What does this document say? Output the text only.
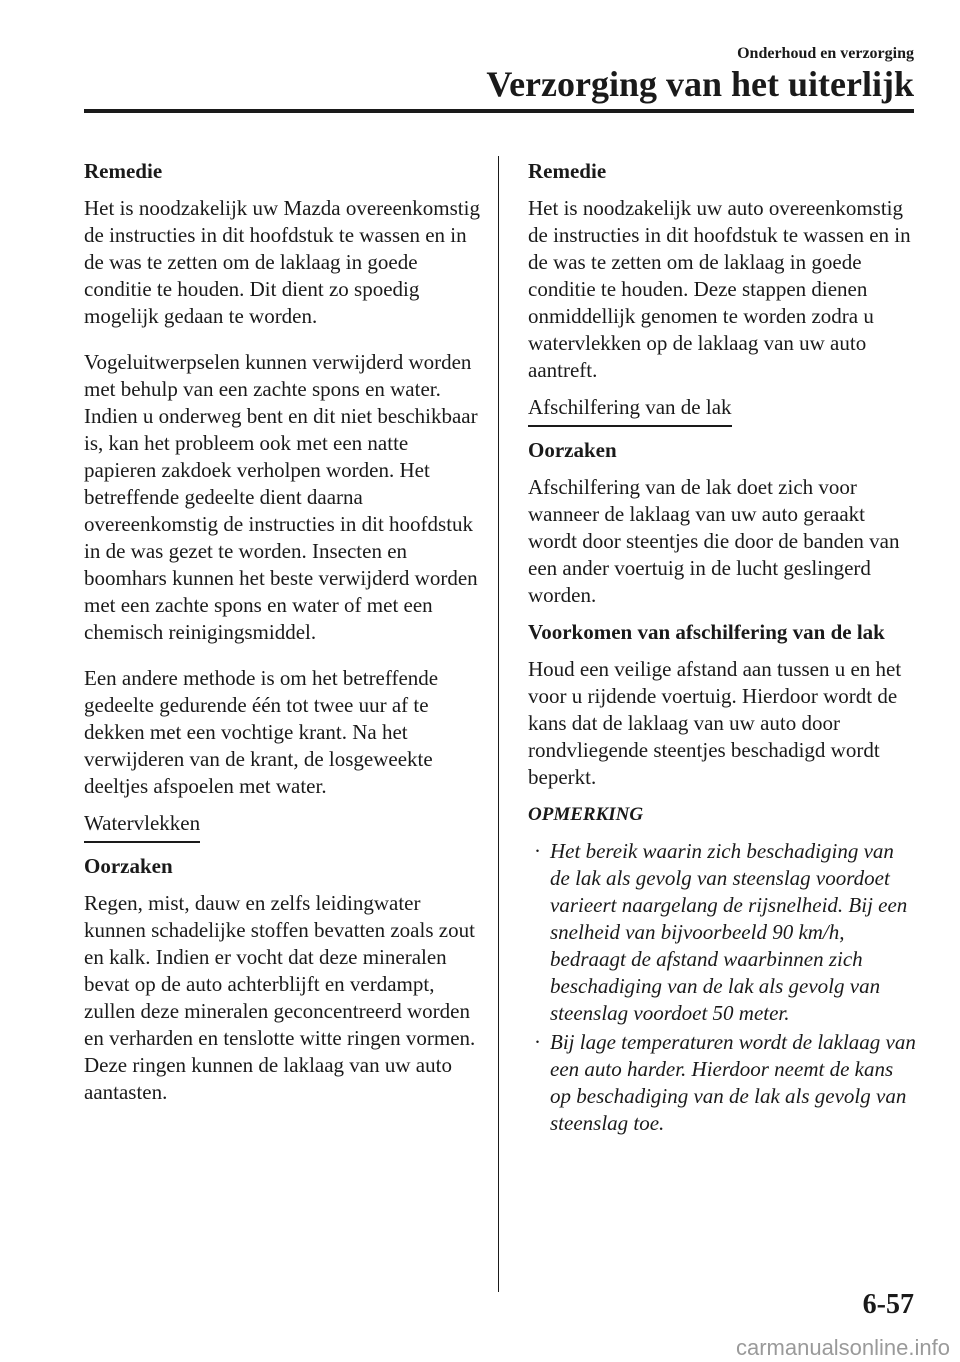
Onderhoud en verzorging
Verzorging van het uiterlijk
Remedie

Het is noodzakelijk uw Mazda overeenkomstig de instructies in dit hoofdstuk te wassen en in de was te zetten om de laklaag in goede conditie te houden. Dit dient zo spoedig mogelijk gedaan te worden.

Vogeluitwerpselen kunnen verwijderd worden met behulp van een zachte spons en water. Indien u onderweg bent en dit niet beschikbaar is, kan het probleem ook met een natte papieren zakdoek verholpen worden. Het betreffende gedeelte dient daarna overeenkomstig de instructies in dit hoofdstuk in de was gezet te worden. Insecten en boomhars kunnen het beste verwijderd worden met een zachte spons en water of met een chemisch reinigingsmiddel.

Een andere methode is om het betreffende gedeelte gedurende één tot twee uur af te dekken met een vochtige krant. Na het verwijderen van de krant, de losgeweekte deeltjes afspoelen met water.

Watervlekken
Oorzaken

Regen, mist, dauw en zelfs leidingwater kunnen schadelijke stoffen bevatten zoals zout en kalk. Indien er vocht dat deze mineralen bevat op de auto achterblijft en verdampt, zullen deze mineralen geconcentreerd worden en verharden en tenslotte witte ringen vormen. Deze ringen kunnen de laklaag van uw auto aantasten.

Remedie

Het is noodzakelijk uw auto overeenkomstig de instructies in dit hoofdstuk te wassen en in de was te zetten om de laklaag in goede conditie te houden. Deze stappen dienen onmiddellijk genomen te worden zodra u watervlekken op de laklaag van uw auto aantreft.

Afschilfering van de lak
Oorzaken

Afschilfering van de lak doet zich voor wanneer de laklaag van uw auto geraakt wordt door steentjes die door de banden van een ander voertuig in de lucht geslingerd worden.

Voorkomen van afschilfering van de lak

Houd een veilige afstand aan tussen u en het voor u rijdende voertuig. Hierdoor wordt de kans dat de laklaag van uw auto door rondvliegende steentjes beschadigd wordt beperkt.

OPMERKING
· Het bereik waarin zich beschadiging van de lak als gevolg van steenslag voordoet varieert naargelang de rijsnelheid. Bij een snelheid van bijvoorbeeld 90 km/h, bedraagt de afstand waarbinnen zich beschadiging van de lak als gevolg van steenslag voordoet 50 meter.
· Bij lage temperaturen wordt de laklaag van een auto harder. Hierdoor neemt de kans op beschadiging van de lak als gevolg van steenslag toe.
6-57
carmanualsonline.info
